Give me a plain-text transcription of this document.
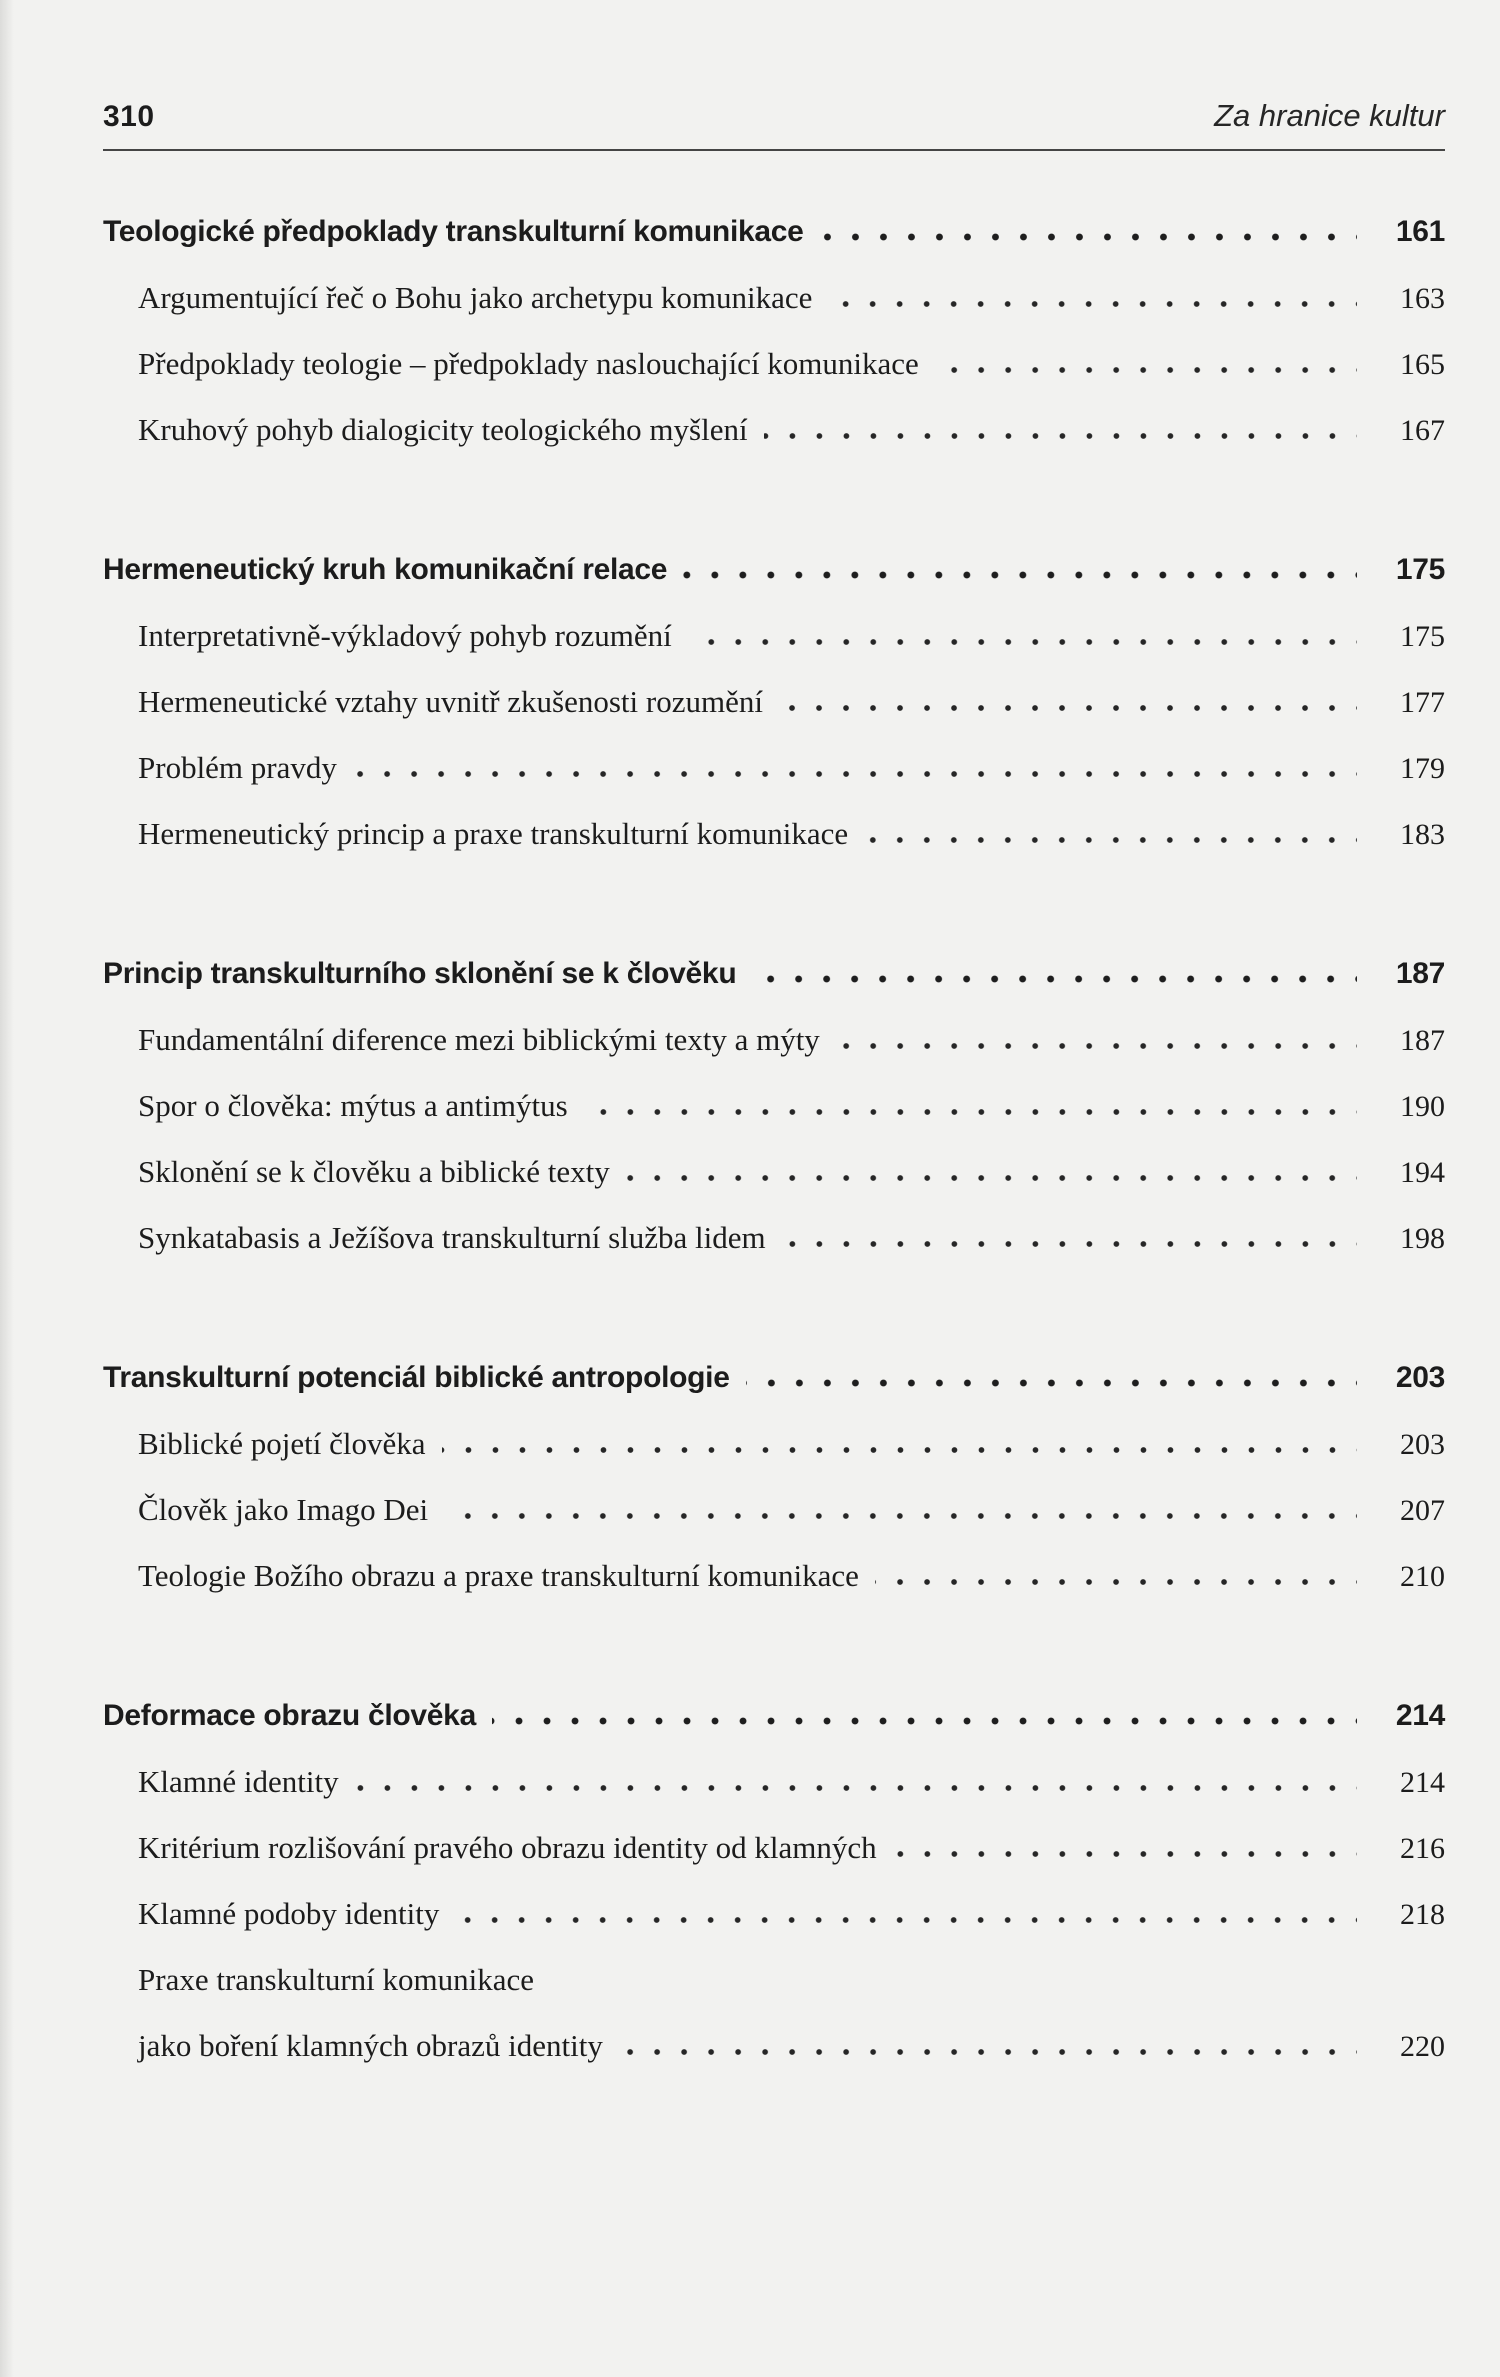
310	Za hranice kultur
Teologické předpoklady transkulturní komunikace	161
Argumentující řeč o Bohu jako archetypu komunikace	163
Předpoklady teologie – předpoklady naslouchající komunikace	165
Kruhový pohyb dialogicity teologického myšlení	167
Hermeneutický kruh komunikační relace	175
Interpretativně-výkladový pohyb rozumění	175
Hermeneutické vztahy uvnitř zkušenosti rozumění	177
Problém pravdy	179
Hermeneutický princip a praxe transkulturní komunikace	183
Princip transkulturního sklonění se k člověku	187
Fundamentální diference mezi biblickými texty a mýty	187
Spor o člověka: mýtus a antimýtus	190
Sklonění se k člověku a biblické texty	194
Synkatabasis a Ježíšova transkulturní služba lidem	198
Transkulturní potenciál biblické antropologie	203
Biblické pojetí člověka	203
Člověk jako Imago Dei	207
Teologie Božího obrazu a praxe transkulturní komunikace	210
Deformace obrazu člověka	214
Klamné identity	214
Kritérium rozlišování pravého obrazu identity od klamných	216
Klamné podoby identity	218
Praxe transkulturní komunikace
jako boření klamných obrazů identity	220
